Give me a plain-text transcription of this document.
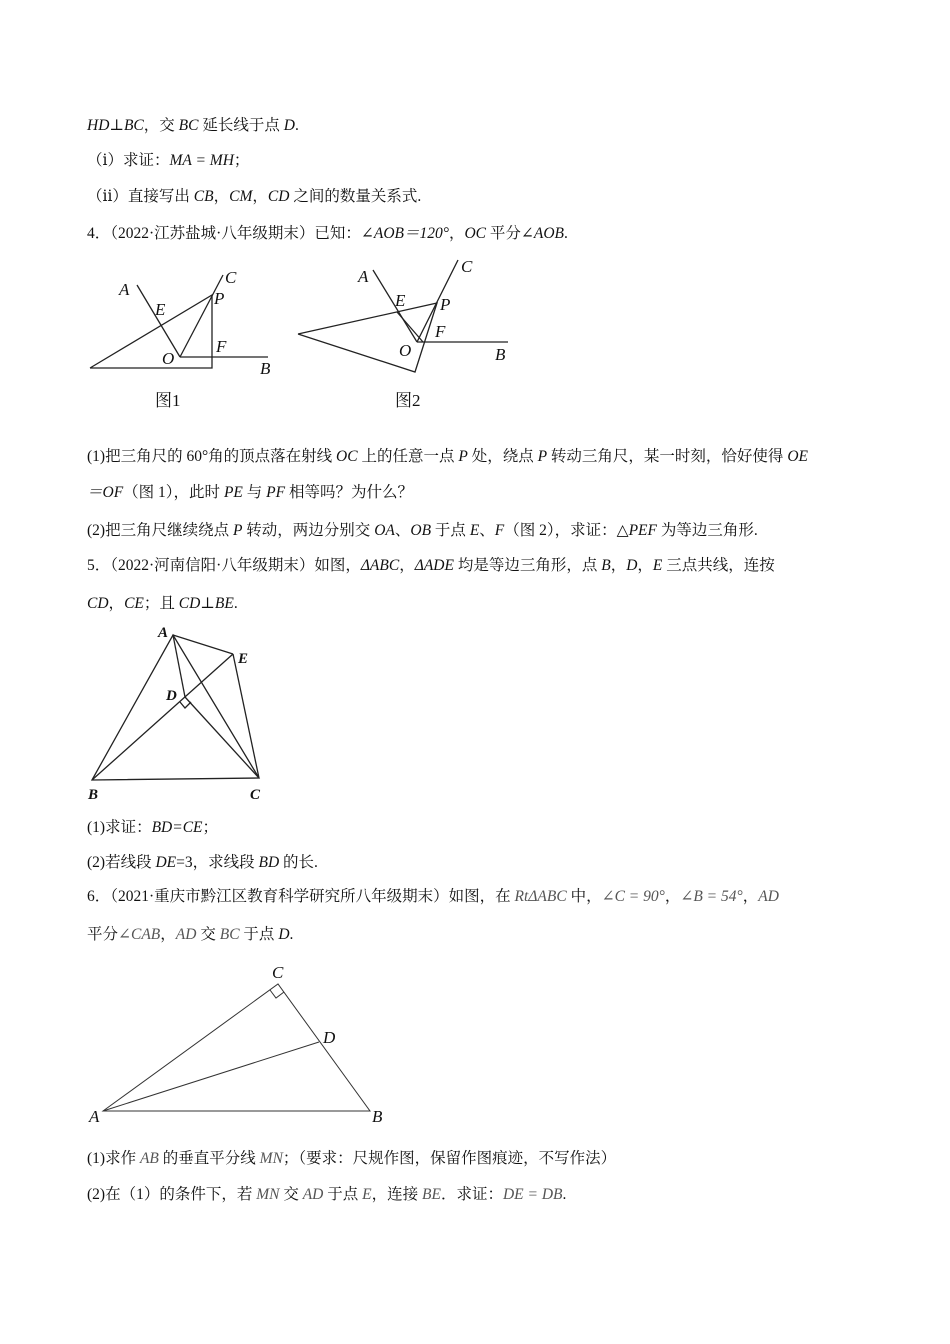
HD⊥BC，交 BC 延长线于点 D.
（ⅰ）求证：MA = MH；
（ⅱ）直接写出 CB，CM，CD 之间的数量关系式.
4．（2022·江苏盐城·八年级期末）已知：∠AOB＝120°，OC 平分∠AOB.
A
E
C
P
O
F
B
图1
A
E
C
P
O
F
B
图2
(1)把三角尺的 60°角的顶点落在射线 OC 上的任意一点 P 处，绕点 P 转动三角尺，某一时刻，恰好使得 OE
＝OF（图 1），此时 PE 与 PF 相等吗？为什么？
(2)把三角尺继续绕点 P 转动，两边分别交 OA、OB 于点 E、F（图 2），求证：△PEF 为等边三角形.
5．（2022·河南信阳·八年级期末）如图，ΔABC，ΔADE 均是等边三角形，点 B，D，E 三点共线，连按
CD，CE；且 CD⊥BE.
A
E
D
B	C
(1)求证：BD=CE；
(2)若线段 DE=3，求线段 BD 的长.
6．（2021·重庆市黔江区教育科学研究所八年级期末）如图，在 RtΔABC 中，∠C = 90°，∠B = 54°，AD
平分∠CAB，AD 交 BC 于点 D.
C
D
A	B
(1)求作 AB 的垂直平分线 MN；（要求：尺规作图，保留作图痕迹，不写作法）
(2)在（1）的条件下，若 MN 交 AD 于点 E，连接 BE．求证：DE = DB.
